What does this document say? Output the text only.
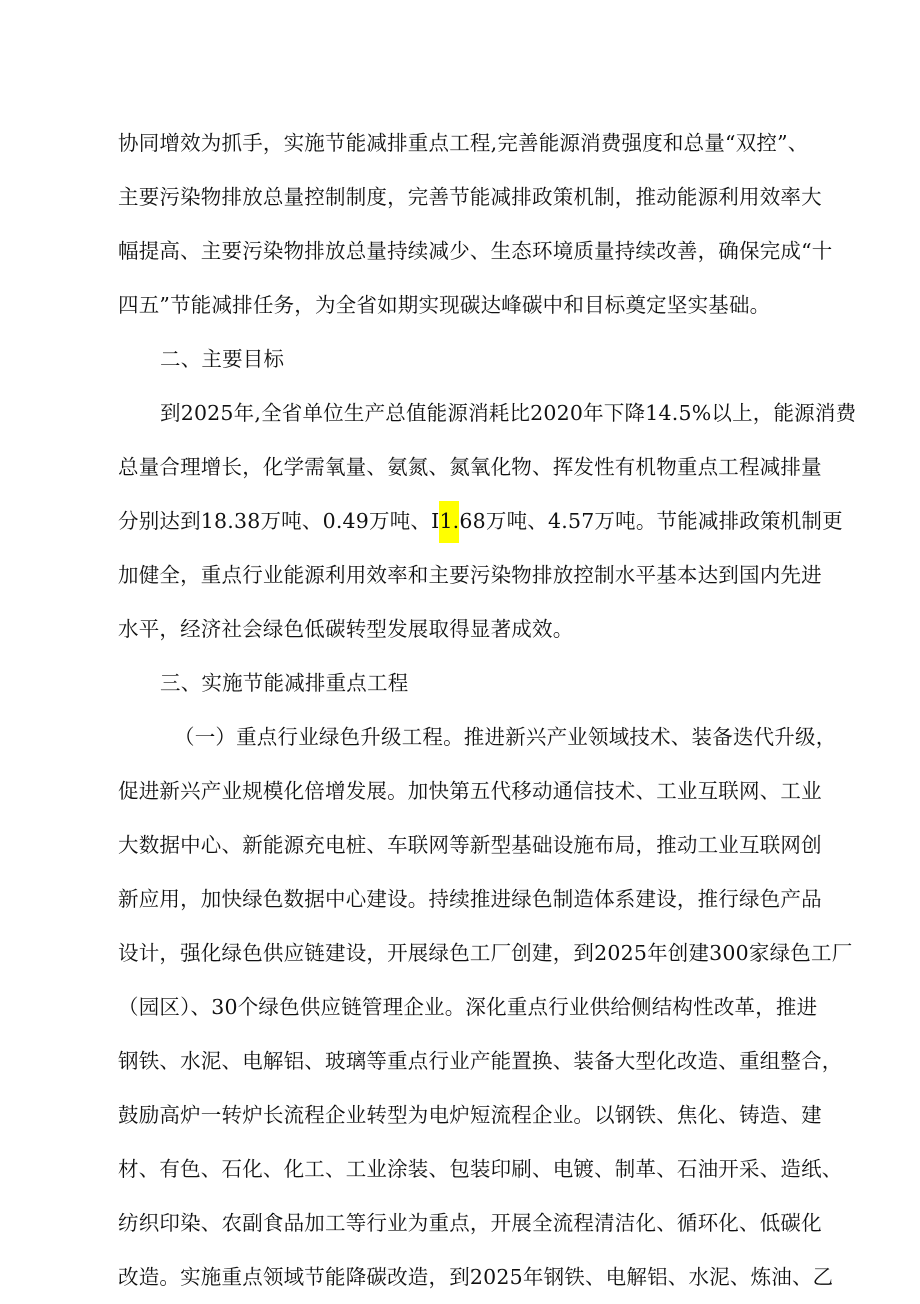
协同增效为抓手，实施节能减排重点工程,完善能源消费强度和总量“双控”、
主要污染物排放总量控制制度，完善节能减排政策机制，推动能源利用效率大
幅提高、主要污染物排放总量持续减少、生态环境质量持续改善，确保完成“十
四五”节能减排任务，为全省如期实现碳达峰碳中和目标奠定坚实基础。
二、主要目标
到2025年,全省单位生产总值能源消耗比2020年下降14.5%以上，能源消费
总量合理增长，化学需氧量、氨氮、氮氧化物、挥发性有机物重点工程减排量
分别达到18.38万吨、0.49万吨、I1.68万吨、4.57万吨。节能减排政策机制更
加健全，重点行业能源利用效率和主要污染物排放控制水平基本达到国内先进
水平，经济社会绿色低碳转型发展取得显著成效。
三、实施节能减排重点工程
（一）重点行业绿色升级工程。推进新兴产业领域技术、装备迭代升级，
促进新兴产业规模化倍增发展。加快第五代移动通信技术、工业互联网、工业
大数据中心、新能源充电桩、车联网等新型基础设施布局，推动工业互联网创
新应用，加快绿色数据中心建设。持续推进绿色制造体系建设，推行绿色产品
设计，强化绿色供应链建设，开展绿色工厂创建，到2025年创建300家绿色工厂
（园区）、30个绿色供应链管理企业。深化重点行业供给侧结构性改革，推进
钢铁、水泥、电解铝、玻璃等重点行业产能置换、装备大型化改造、重组整合，
鼓励高炉一转炉长流程企业转型为电炉短流程企业。以钢铁、焦化、铸造、建
材、有色、石化、化工、工业涂装、包装印刷、电镀、制革、石油开采、造纸、
纺织印染、农副食品加工等行业为重点，开展全流程清洁化、循环化、低碳化
改造。实施重点领域节能降碳改造，到2025年钢铁、电解铝、水泥、炼油、乙
